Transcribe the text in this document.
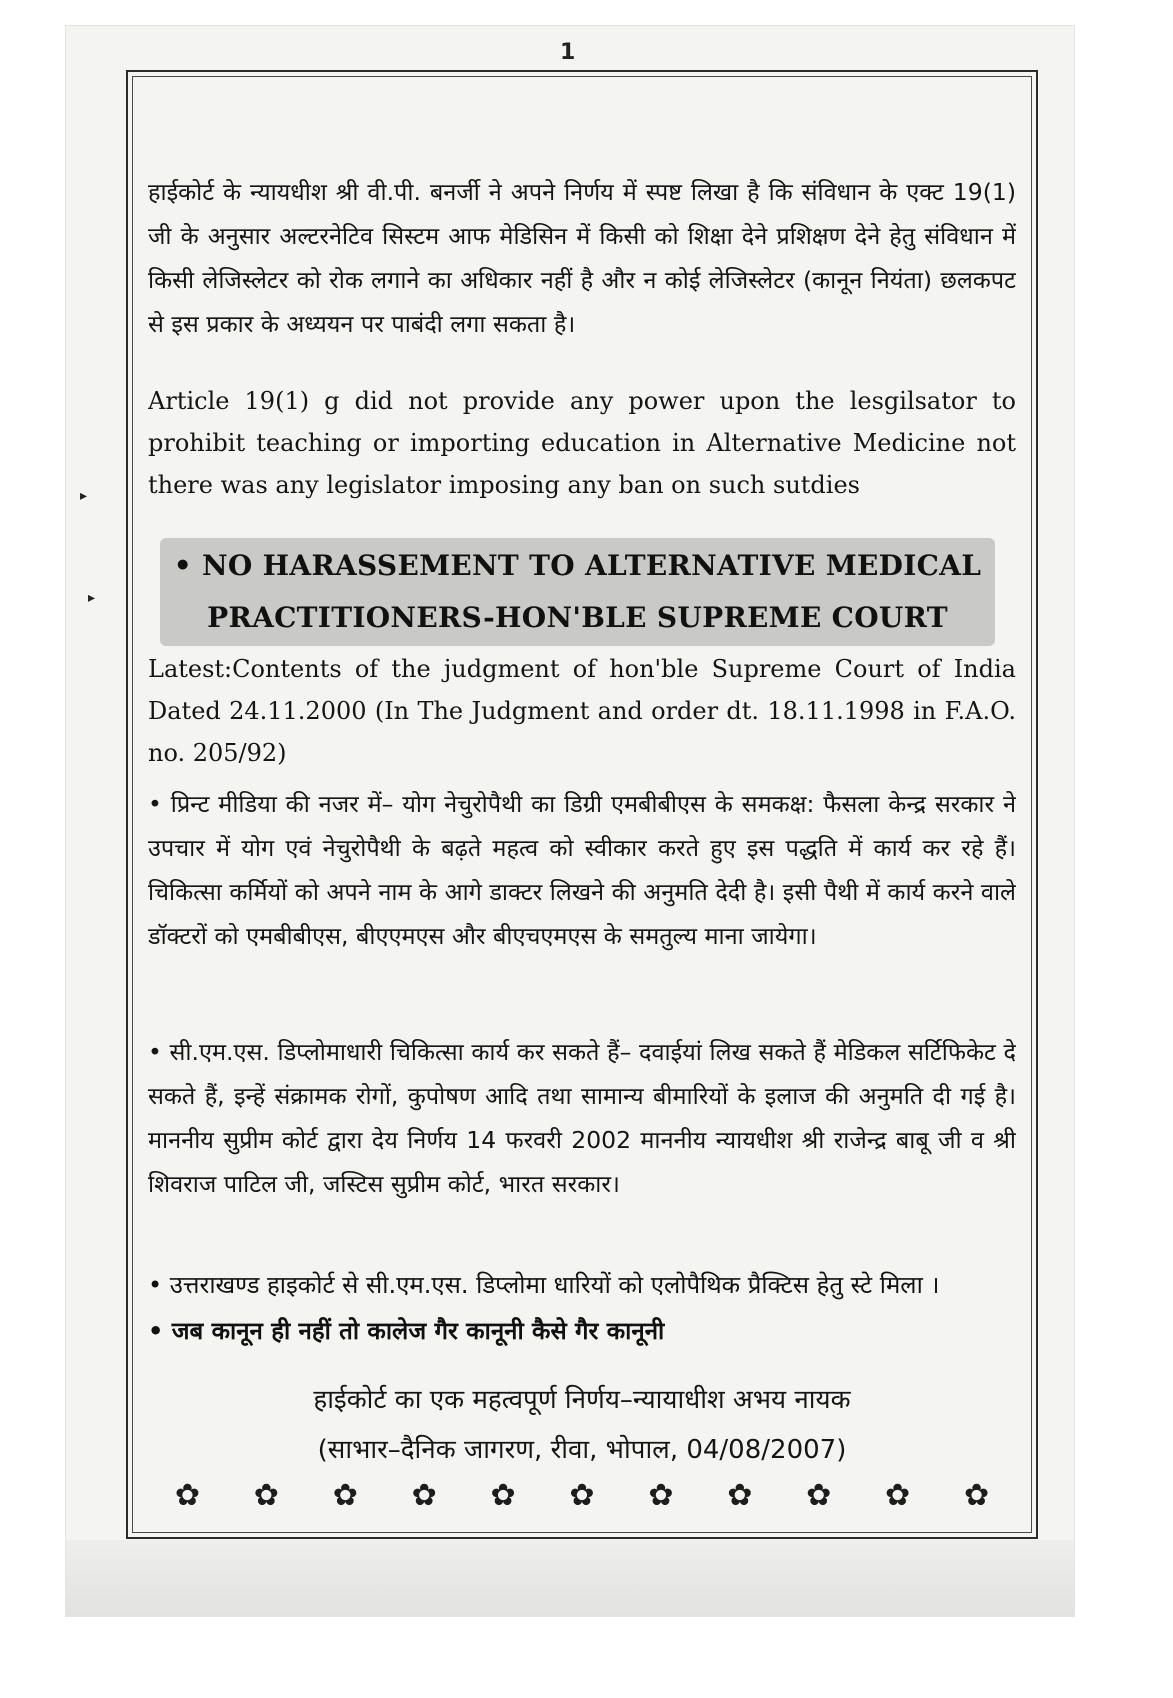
1
▸
▸
हाईकोर्ट के न्यायधीश श्री वी.पी. बनर्जी ने अपने निर्णय में स्पष्ट लिखा है कि संविधान के एक्ट 19(1) जी के अनुसार अल्टरनेटिव सिस्टम आफ मेडिसिन में किसी को शिक्षा देने प्रशिक्षण देने हेतु संविधान में किसी लेजिस्लेटर को रोक लगाने का अधिकार नहीं है और न कोई लेजिस्लेटर (कानून नियंता) छलकपट से इस प्रकार के अध्ययन पर पाबंदी लगा सकता है।
Article 19(1) g did not provide any power upon the lesgilsator to prohibit teaching or importing education in Alternative Medicine not there was any legislator imposing any ban on such sutdies
• NO HARASSEMENT TO ALTERNATIVE MEDICAL
PRACTITIONERS-HON'BLE SUPREME COURT
Latest:Contents of the judgment of hon'ble Supreme Court of India Dated 24.11.2000 (In The Judgment and order dt. 18.11.1998 in F.A.O. no. 205/92)
• प्रिन्ट मीडिया की नजर में– योग नेचुरोपैथी का डिग्री एमबीबीएस के समकक्ष: फैसला केन्द्र सरकार ने उपचार में योग एवं नेचुरोपैथी के बढ़ते महत्व को स्वीकार करते हुए इस पद्धति में कार्य कर रहे हैं। चिकित्सा कर्मियों को अपने नाम के आगे डाक्टर लिखने की अनुमति देदी है। इसी पैथी में कार्य करने वाले डॉक्टरों को एमबीबीएस, बीएएमएस और बीएचएमएस के समतुल्य माना जायेगा।
• सी.एम.एस. डिप्लोमाधारी चिकित्सा कार्य कर सकते हैं– दवाईयां लिख सकते हैं मेडिकल सर्टिफिकेट दे सकते हैं, इन्हें संक्रामक रोगों, कुपोषण आदि तथा सामान्य बीमारियों के इलाज की अनुमति दी गई है। माननीय सुप्रीम कोर्ट द्वारा देय निर्णय 14 फरवरी 2002 माननीय न्यायधीश श्री राजेन्द्र बाबू जी व श्री शिवराज पाटिल जी, जस्टिस सुप्रीम कोर्ट, भारत सरकार।
• उत्तराखण्ड हाइकोर्ट से सी.एम.एस. डिप्लोमा धारियों को एलोपैथिक प्रैक्टिस हेतु स्टे मिला ।
• जब कानून ही नहीं तो कालेज गैर कानूनी कैसे गैर कानूनी
हाईकोर्ट का एक महत्वपूर्ण निर्णय–न्यायाधीश अभय नायक
(साभार–दैनिक जागरण, रीवा, भोपाल, 04/08/2007)
✿ ✿ ✿ ✿ ✿ ✿ ✿ ✿ ✿ ✿ ✿
